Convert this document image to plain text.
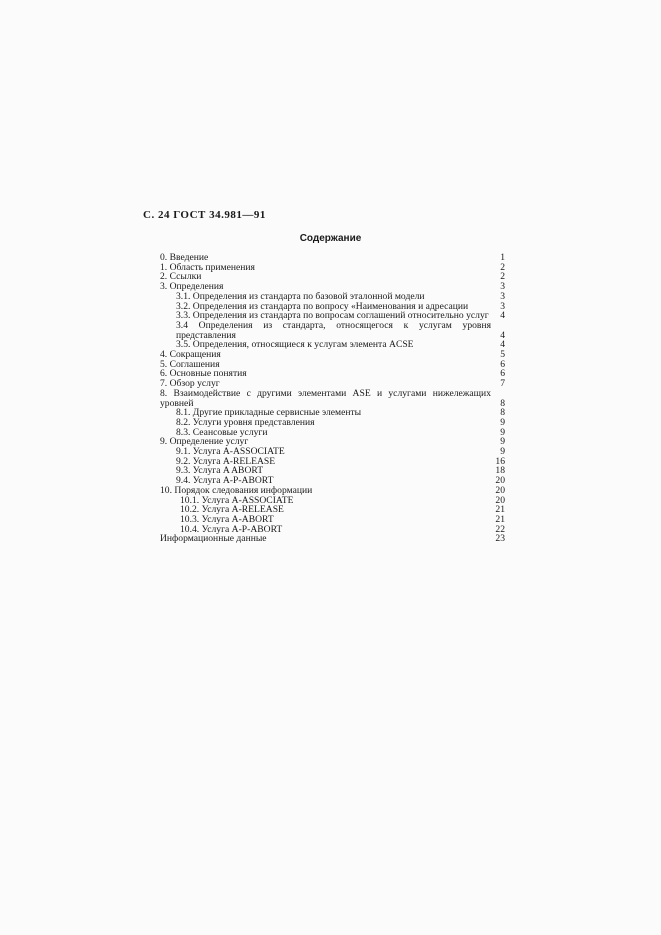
С. 24 ГОСТ 34.981—91
Содержание
0. Введение	1
1. Область применения	2
2. Ссылки	2
3. Определения	3
3.1. Определения из стандарта по базовой эталонной модели	3
3.2. Определения из стандарта по вопросу «Наименования и адресации	3
3.3. Определения из стандарта по вопросам соглашений относительно услуг	4
3.4 Определения из стандарта, относящегося к услугам уровня представления	4
3.5. Определения, относящиеся к услугам элемента ACSE	4
4. Сокращения	5
5. Соглашения	6
6. Основные понятия	6
7. Обзор услуг	7
8. Взаимодействие с другими элементами ASE и услугами нижележащих уровней	8
8.1. Другие прикладные сервисные элементы	8
8.2. Услуги уровня представления	9
8.3. Сеансовые услуги	9
9. Определение услуг	9
9.1. Услуга A-ASSOCIATE	9
9.2. Услуга A-RELEASE	16
9.3. Услуга A ABORT	18
9.4. Услуга A-P-ABORT	20
10. Порядок следования информации	20
10.1. Услуга A-ASSOCIATE	20
10.2. Услуга A-RELEASE	21
10.3. Услуга A-ABORT	21
10.4. Услуга A-P-ABORT	22
Информационные данные	23
